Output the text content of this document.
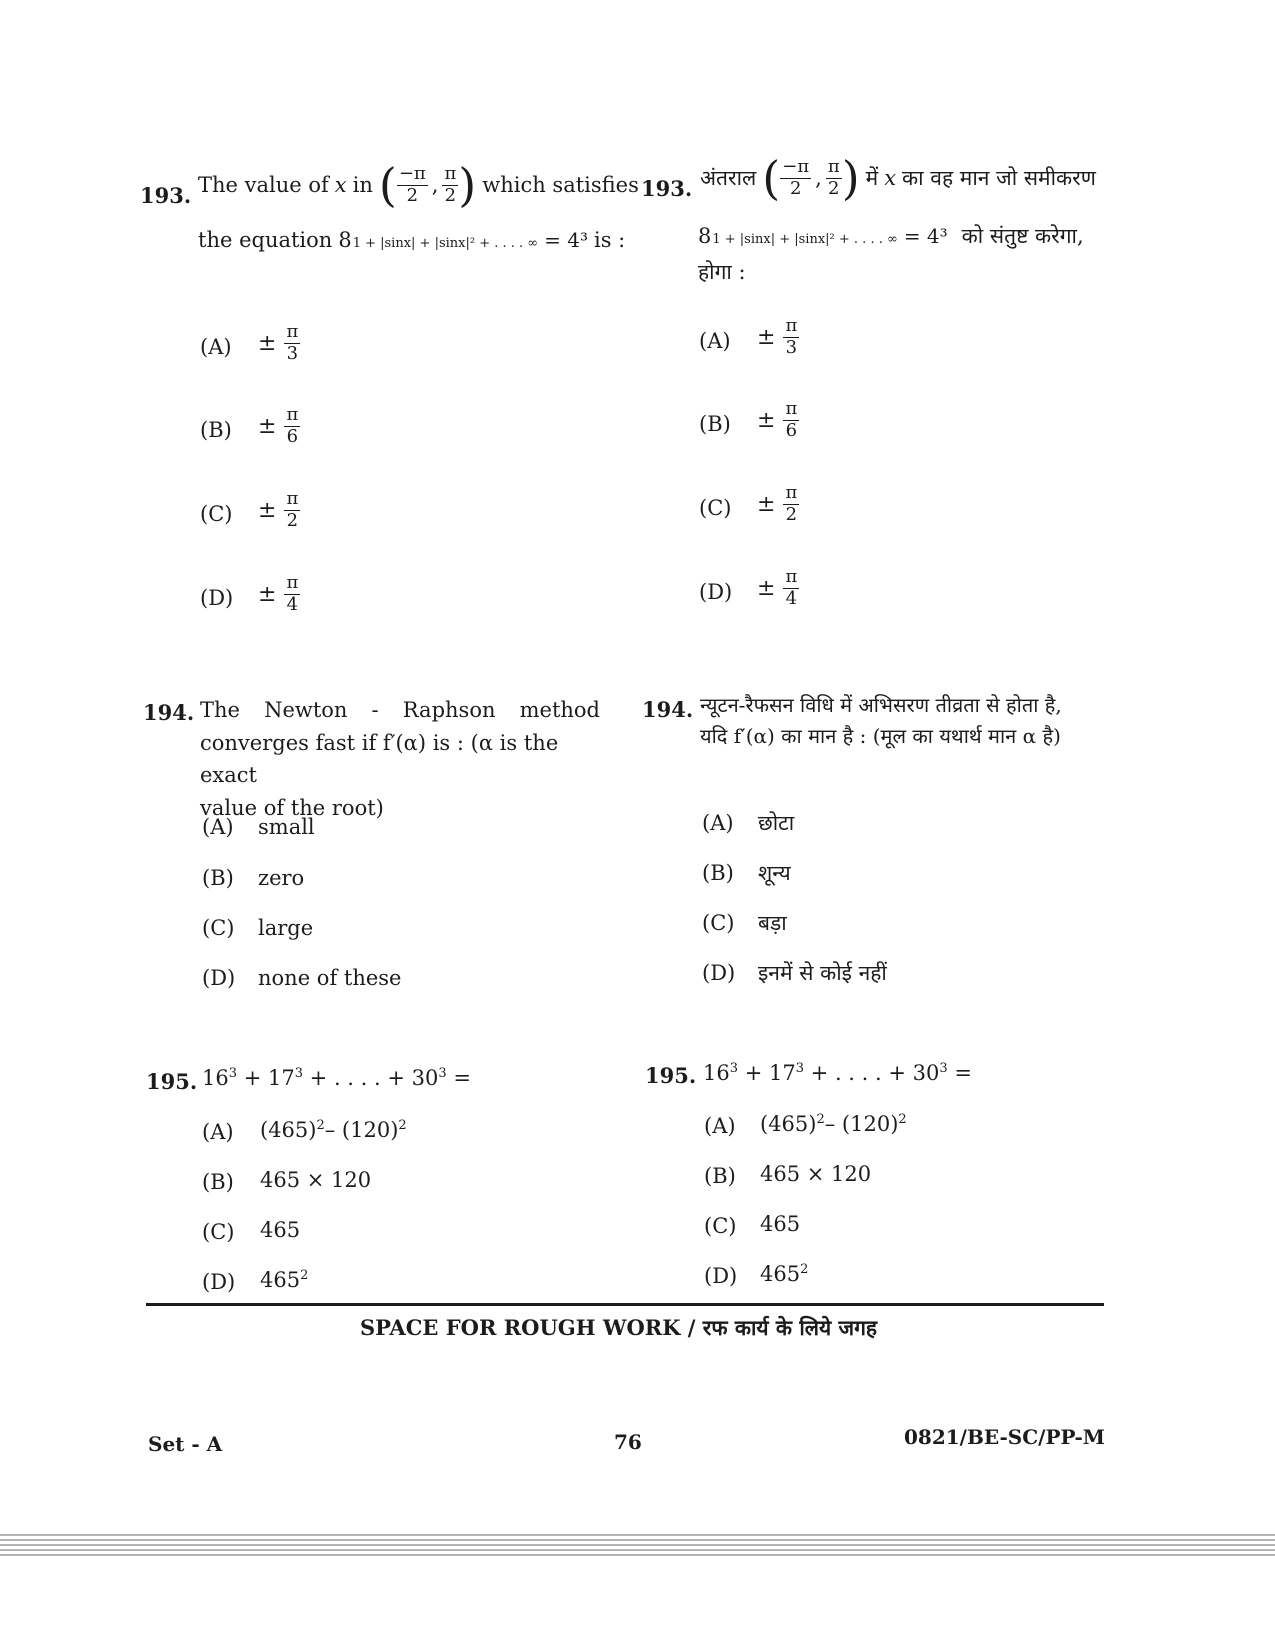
193. The value of x in ( $\frac{-\pi}{2}$ , $\frac{\pi}{2}$ ) which satisfies
the equation 8 1 + |sinx| + |sinx|² + . . . . ∞ = 4³ is :
$(A) \pm \frac{\pi}{3}$
$(B) \pm \frac{\pi}{6}$
$(C) \pm \frac{\pi}{2}$
$(D) \pm \frac{\pi}{4}$
193. अंतराल ( $\frac{-\pi}{2}$ , $\frac{\pi}{2}$ ) में x का वह मान जो समीकरण
8 1 + |sinx| + |sinx|² + . . . . ∞ = 4³ को संतुष्ट करेगा,
होगा :
$(A) \pm \frac{\pi}{3}$
$(B) \pm \frac{\pi}{6}$
$(C) \pm \frac{\pi}{2}$
$(D) \pm \frac{\pi}{4}$
194. The Newton - Raphson method
converges fast if f′(α) is : (α is the exact
value of the root)
(A) small
(B) zero
(C) large
(D) none of these
194. न्यूटन-रैफसन विधि में अभिसरण तीव्रता से होता है,
यदि f′(α) का मान है : (मूल का यथार्थ मान α है)
(A) छोटा
(B) शून्य
(C) बड़ा
(D) इनमें से कोई नहीं
195. $16^3 + 17^3$ + . . . . + $30^3$ =
(A) $(465)^2-$ $(120)^2$
(B) 465 × 120
(C) 465
(D) $465^2$
195. $16^3 + 17^3$ + . . . . + $30^3$ =
(A) $(465)^2-$ $(120)^2$
(B) 465 × 120
(C) 465
(D) $465^2$
SPACE FOR ROUGH WORK / रफ कार्य के लिये जगह
Set - A	76	0821/BE-SC/PP-M
